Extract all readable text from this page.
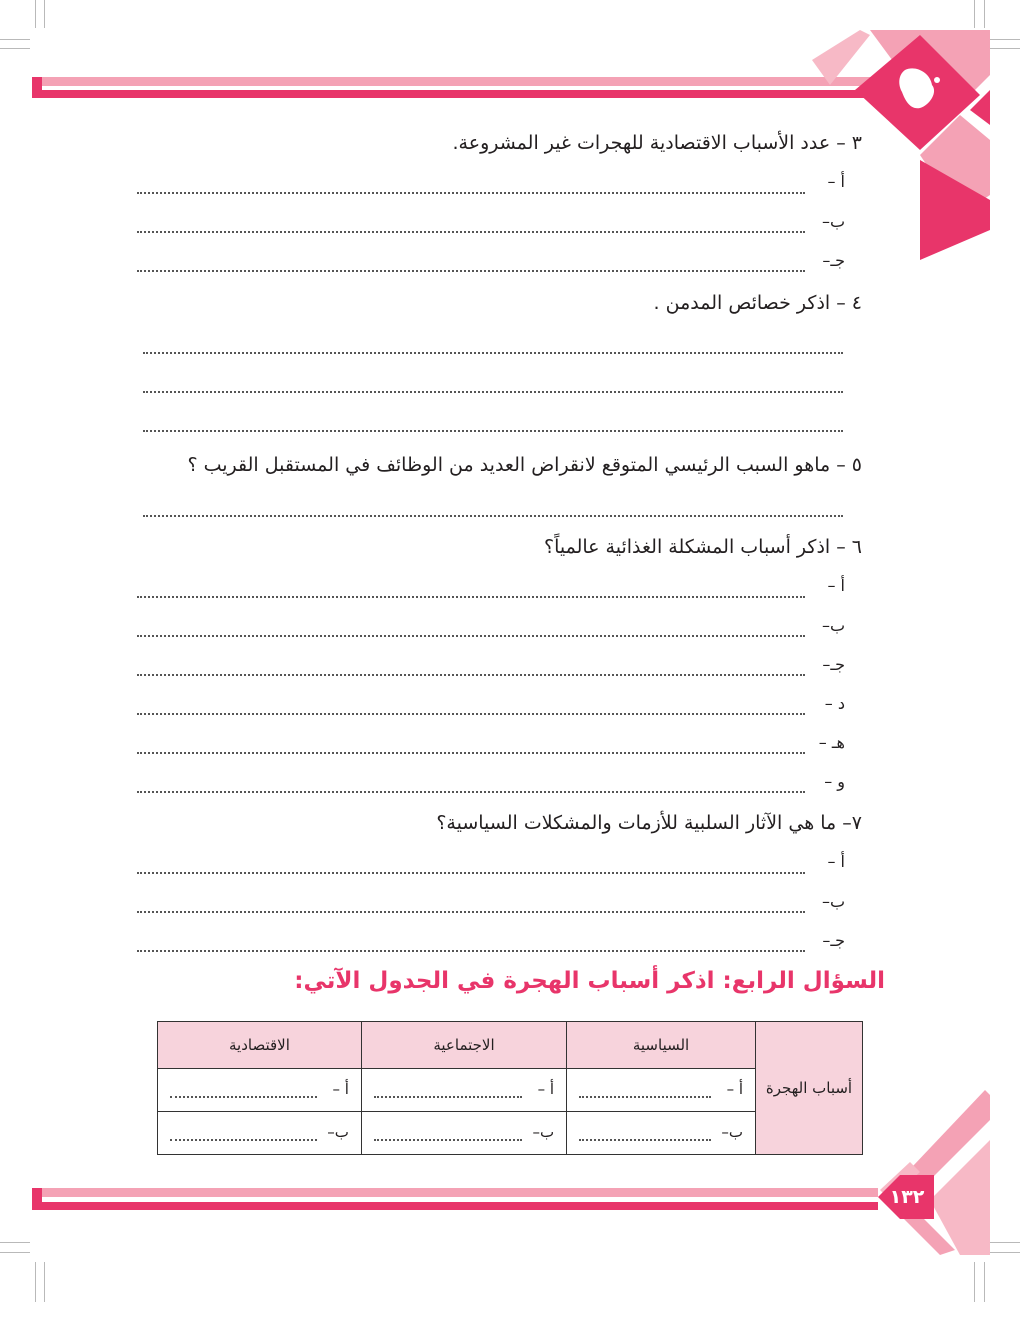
٣ – عدد الأسباب الاقتصادية للهجرات غير المشروعة.
أ –
ب–
جـ–
٤ – اذكر خصائص المدمن .
٥ – ماهو السبب الرئيسي المتوقع لانقراض العديد من الوظائف في المستقبل القريب ؟
٦ – اذكر أسباب المشكلة الغذائية عالمياً؟
أ –
ب–
جـ–
د –
هـ –
و –
٧– ما هي الآثار السلبية للأزمات والمشكلات السياسية؟
أ –
ب–
جـ–
السؤال الرابع: اذكر أسباب الهجرة في الجدول الآتي:
أسباب الهجرة	السياسية	الاجتماعية	الاقتصادية

	أ –	أ –	أ –

	ب–	ب–	ب–
١٣٢
